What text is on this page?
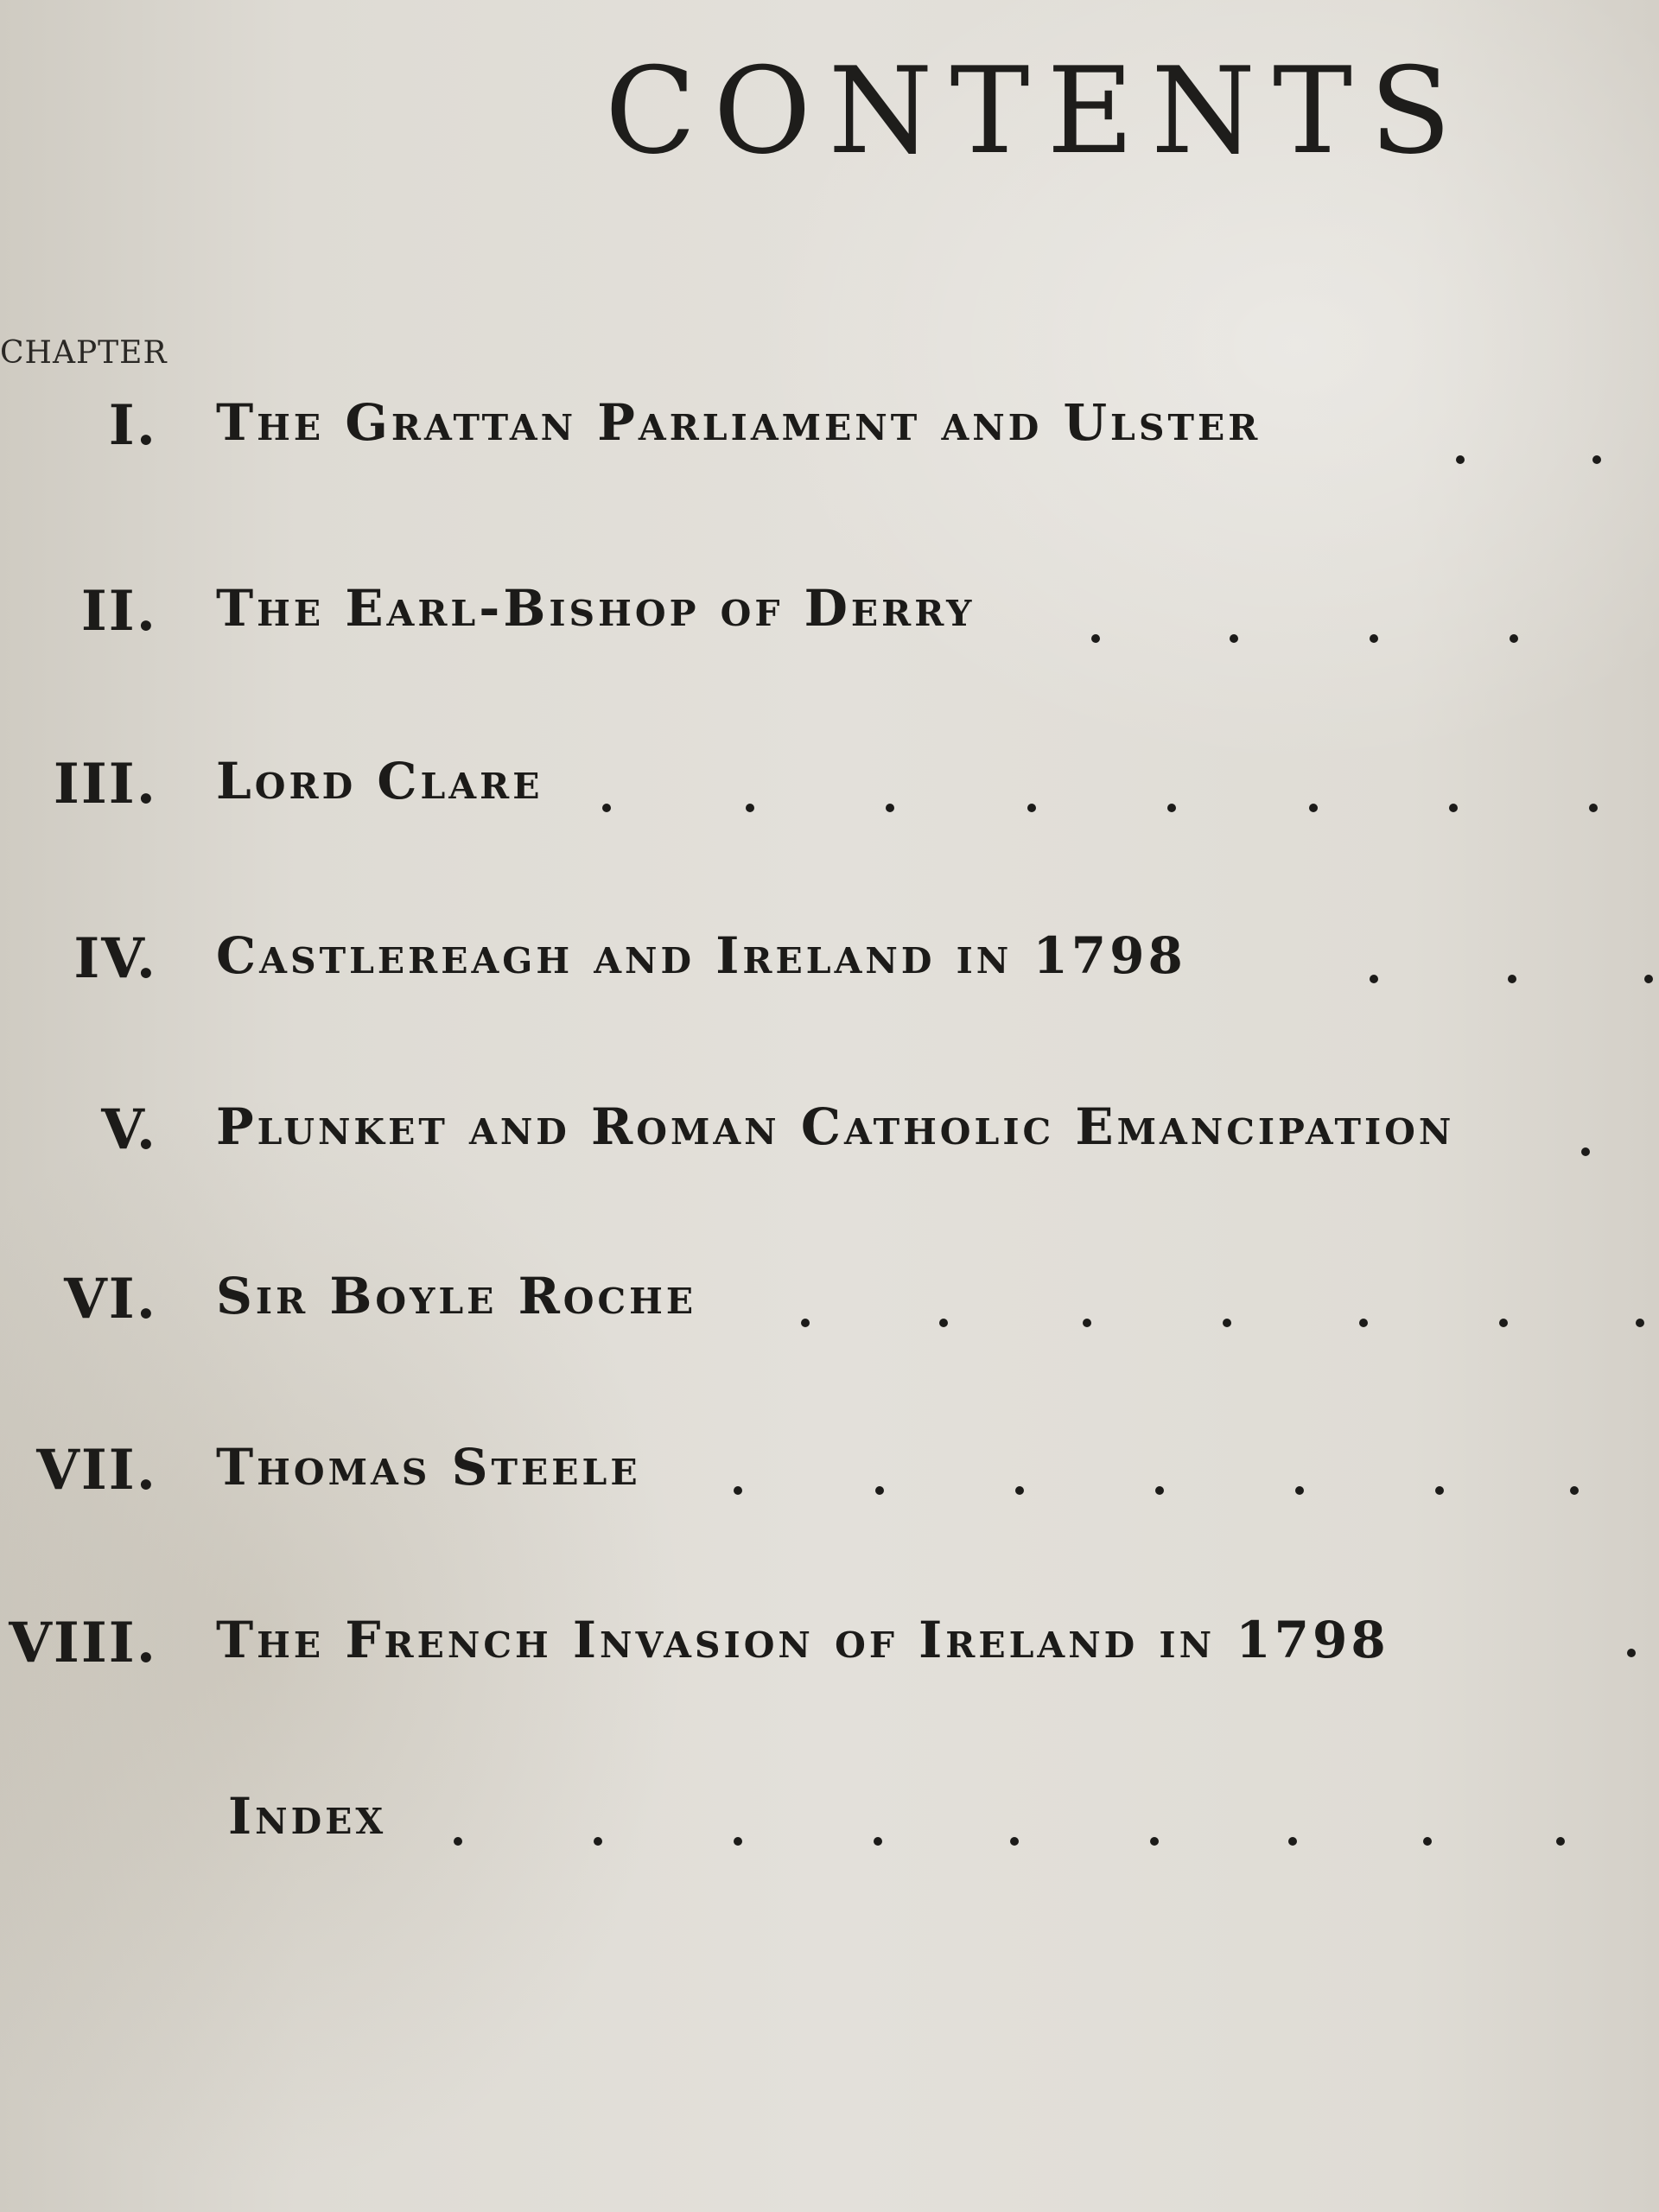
CONTENTS
CHAPTER
I. The Grattan Parliament and Ulster
II. The Earl-Bishop of Derry
III. Lord Clare
IV. Castlereagh and Ireland in 1798
V. Plunket and Roman Catholic Emancipation
VI. Sir Boyle Roche
VII. Thomas Steele
VIII. The French Invasion of Ireland in 1798
Index
